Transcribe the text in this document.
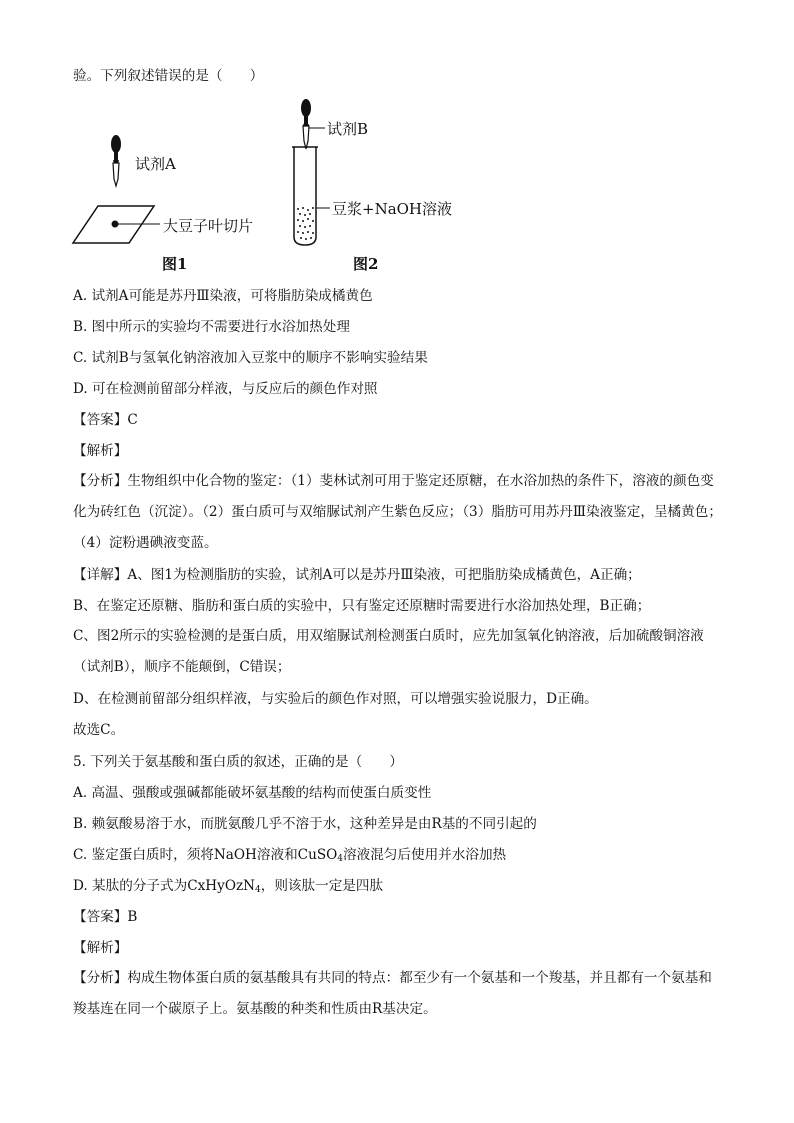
验。下列叙述错误的是（　　）
试剂A
大豆子叶切片
试剂B
豆浆+NaOH溶液
图1	图2
A. 试剂A可能是苏丹Ⅲ染液，可将脂肪染成橘黄色
B. 图中所示的实验均不需要进行水浴加热处理
C. 试剂B与氢氧化钠溶液加入豆浆中的顺序不影响实验结果
D. 可在检测前留部分样液，与反应后的颜色作对照
【答案】C
【解析】
【分析】生物组织中化合物的鉴定：（1）斐林试剂可用于鉴定还原糖，在水浴加热的条件下，溶液的颜色变化为砖红色（沉淀）。（2）蛋白质可与双缩脲试剂产生紫色反应；（3）脂肪可用苏丹Ⅲ染液鉴定，呈橘黄色；（4）淀粉遇碘液变蓝。
【详解】A、图1为检测脂肪的实验，试剂A可以是苏丹Ⅲ染液，可把脂肪染成橘黄色，A正确；
B、在鉴定还原糖、脂肪和蛋白质的实验中，只有鉴定还原糖时需要进行水浴加热处理，B正确；
C、图2所示的实验检测的是蛋白质，用双缩脲试剂检测蛋白质时，应先加氢氧化钠溶液，后加硫酸铜溶液（试剂B），顺序不能颠倒，C错误；
D、在检测前留部分组织样液，与实验后的颜色作对照，可以增强实验说服力，D正确。
故选C。
5. 下列关于氨基酸和蛋白质的叙述，正确的是（　　）
A. 高温、强酸或强碱都能破坏氨基酸的结构而使蛋白质变性
B. 赖氨酸易溶于水，而胱氨酸几乎不溶于水，这种差异是由R基的不同引起的
C. 鉴定蛋白质时，须将NaOH溶液和CuSO$_4$溶液混匀后使用并水浴加热
D. 某肽的分子式为CxHyOzN$_4$，则该肽一定是四肽
【答案】B
【解析】
【分析】构成生物体蛋白质的氨基酸具有共同的特点：都至少有一个氨基和一个羧基，并且都有一个氨基和羧基连在同一个碳原子上。氨基酸的种类和性质由R基决定。
